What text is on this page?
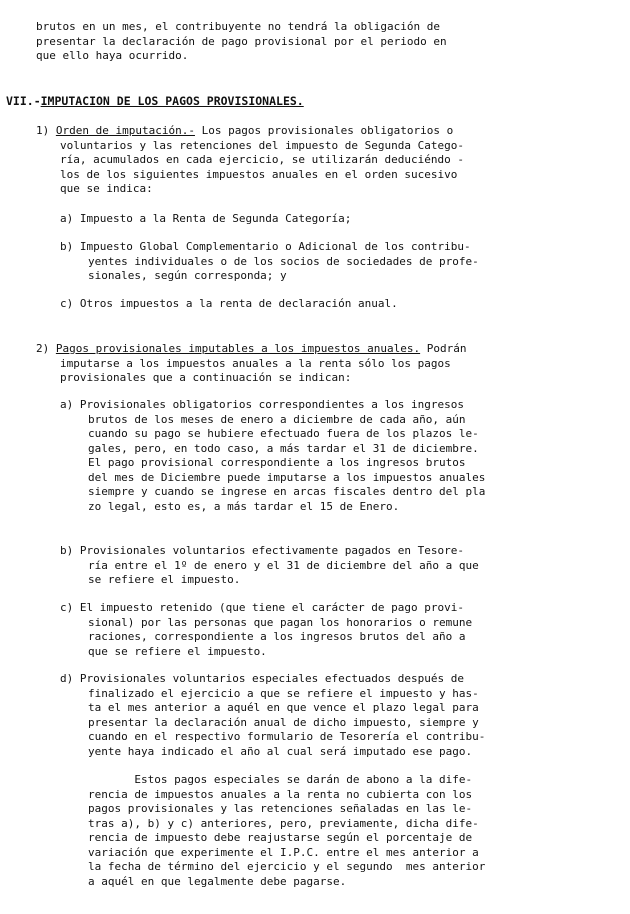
brutos en un mes, el contribuyente no tendrá la obligación de
presentar la declaración de pago provisional por el periodo en
que ello haya ocurrido.
VII.-IMPUTACION DE LOS PAGOS PROVISIONALES.
1) Orden de imputación.- Los pagos provisionales obligatorios o
voluntarios y las retenciones del impuesto de Segunda Catego-
ría, acumulados en cada ejercicio, se utilizarán deduciéndo -
los de los siguientes impuestos anuales en el orden sucesivo
que se indica:
a) Impuesto a la Renta de Segunda Categoría;
b) Impuesto Global Complementario o Adicional de los contribu-
yentes individuales o de los socios de sociedades de profe-
sionales, según corresponda; y
c) Otros impuestos a la renta de declaración anual.
2) Pagos provisionales imputables a los impuestos anuales. Podrán
imputarse a los impuestos anuales a la renta sólo los pagos
provisionales que a continuación se indican:
a) Provisionales obligatorios correspondientes a los ingresos
brutos de los meses de enero a diciembre de cada año, aún
cuando su pago se hubiere efectuado fuera de los plazos le-
gales, pero, en todo caso, a más tardar el 31 de diciembre.
El pago provisional correspondiente a los ingresos brutos
del mes de Diciembre puede imputarse a los impuestos anuales
siempre y cuando se ingrese en arcas fiscales dentro del pla
zo legal, esto es, a más tardar el 15 de Enero.
b) Provisionales voluntarios efectivamente pagados en Tesore-
ría entre el 1º de enero y el 31 de diciembre del año a que
se refiere el impuesto.
c) El impuesto retenido (que tiene el carácter de pago provi-
sional) por las personas que pagan los honorarios o remune
raciones, correspondiente a los ingresos brutos del año a
que se refiere el impuesto.
d) Provisionales voluntarios especiales efectuados después de
finalizado el ejercicio a que se refiere el impuesto y has-
ta el mes anterior a aquél en que vence el plazo legal para
presentar la declaración anual de dicho impuesto, siempre y
cuando en el respectivo formulario de Tesorería el contribu-
yente haya indicado el año al cual será imputado ese pago.
Estos pagos especiales se darán de abono a la dife-
rencia de impuestos anuales a la renta no cubierta con los
pagos provisionales y las retenciones señaladas en las le-
tras a), b) y c) anteriores, pero, previamente, dicha dife-
rencia de impuesto debe reajustarse según el porcentaje de
variación que experimente el I.P.C. entre el mes anterior a
la fecha de término del ejercicio y el segundo  mes anterior
a aquél en que legalmente debe pagarse.
